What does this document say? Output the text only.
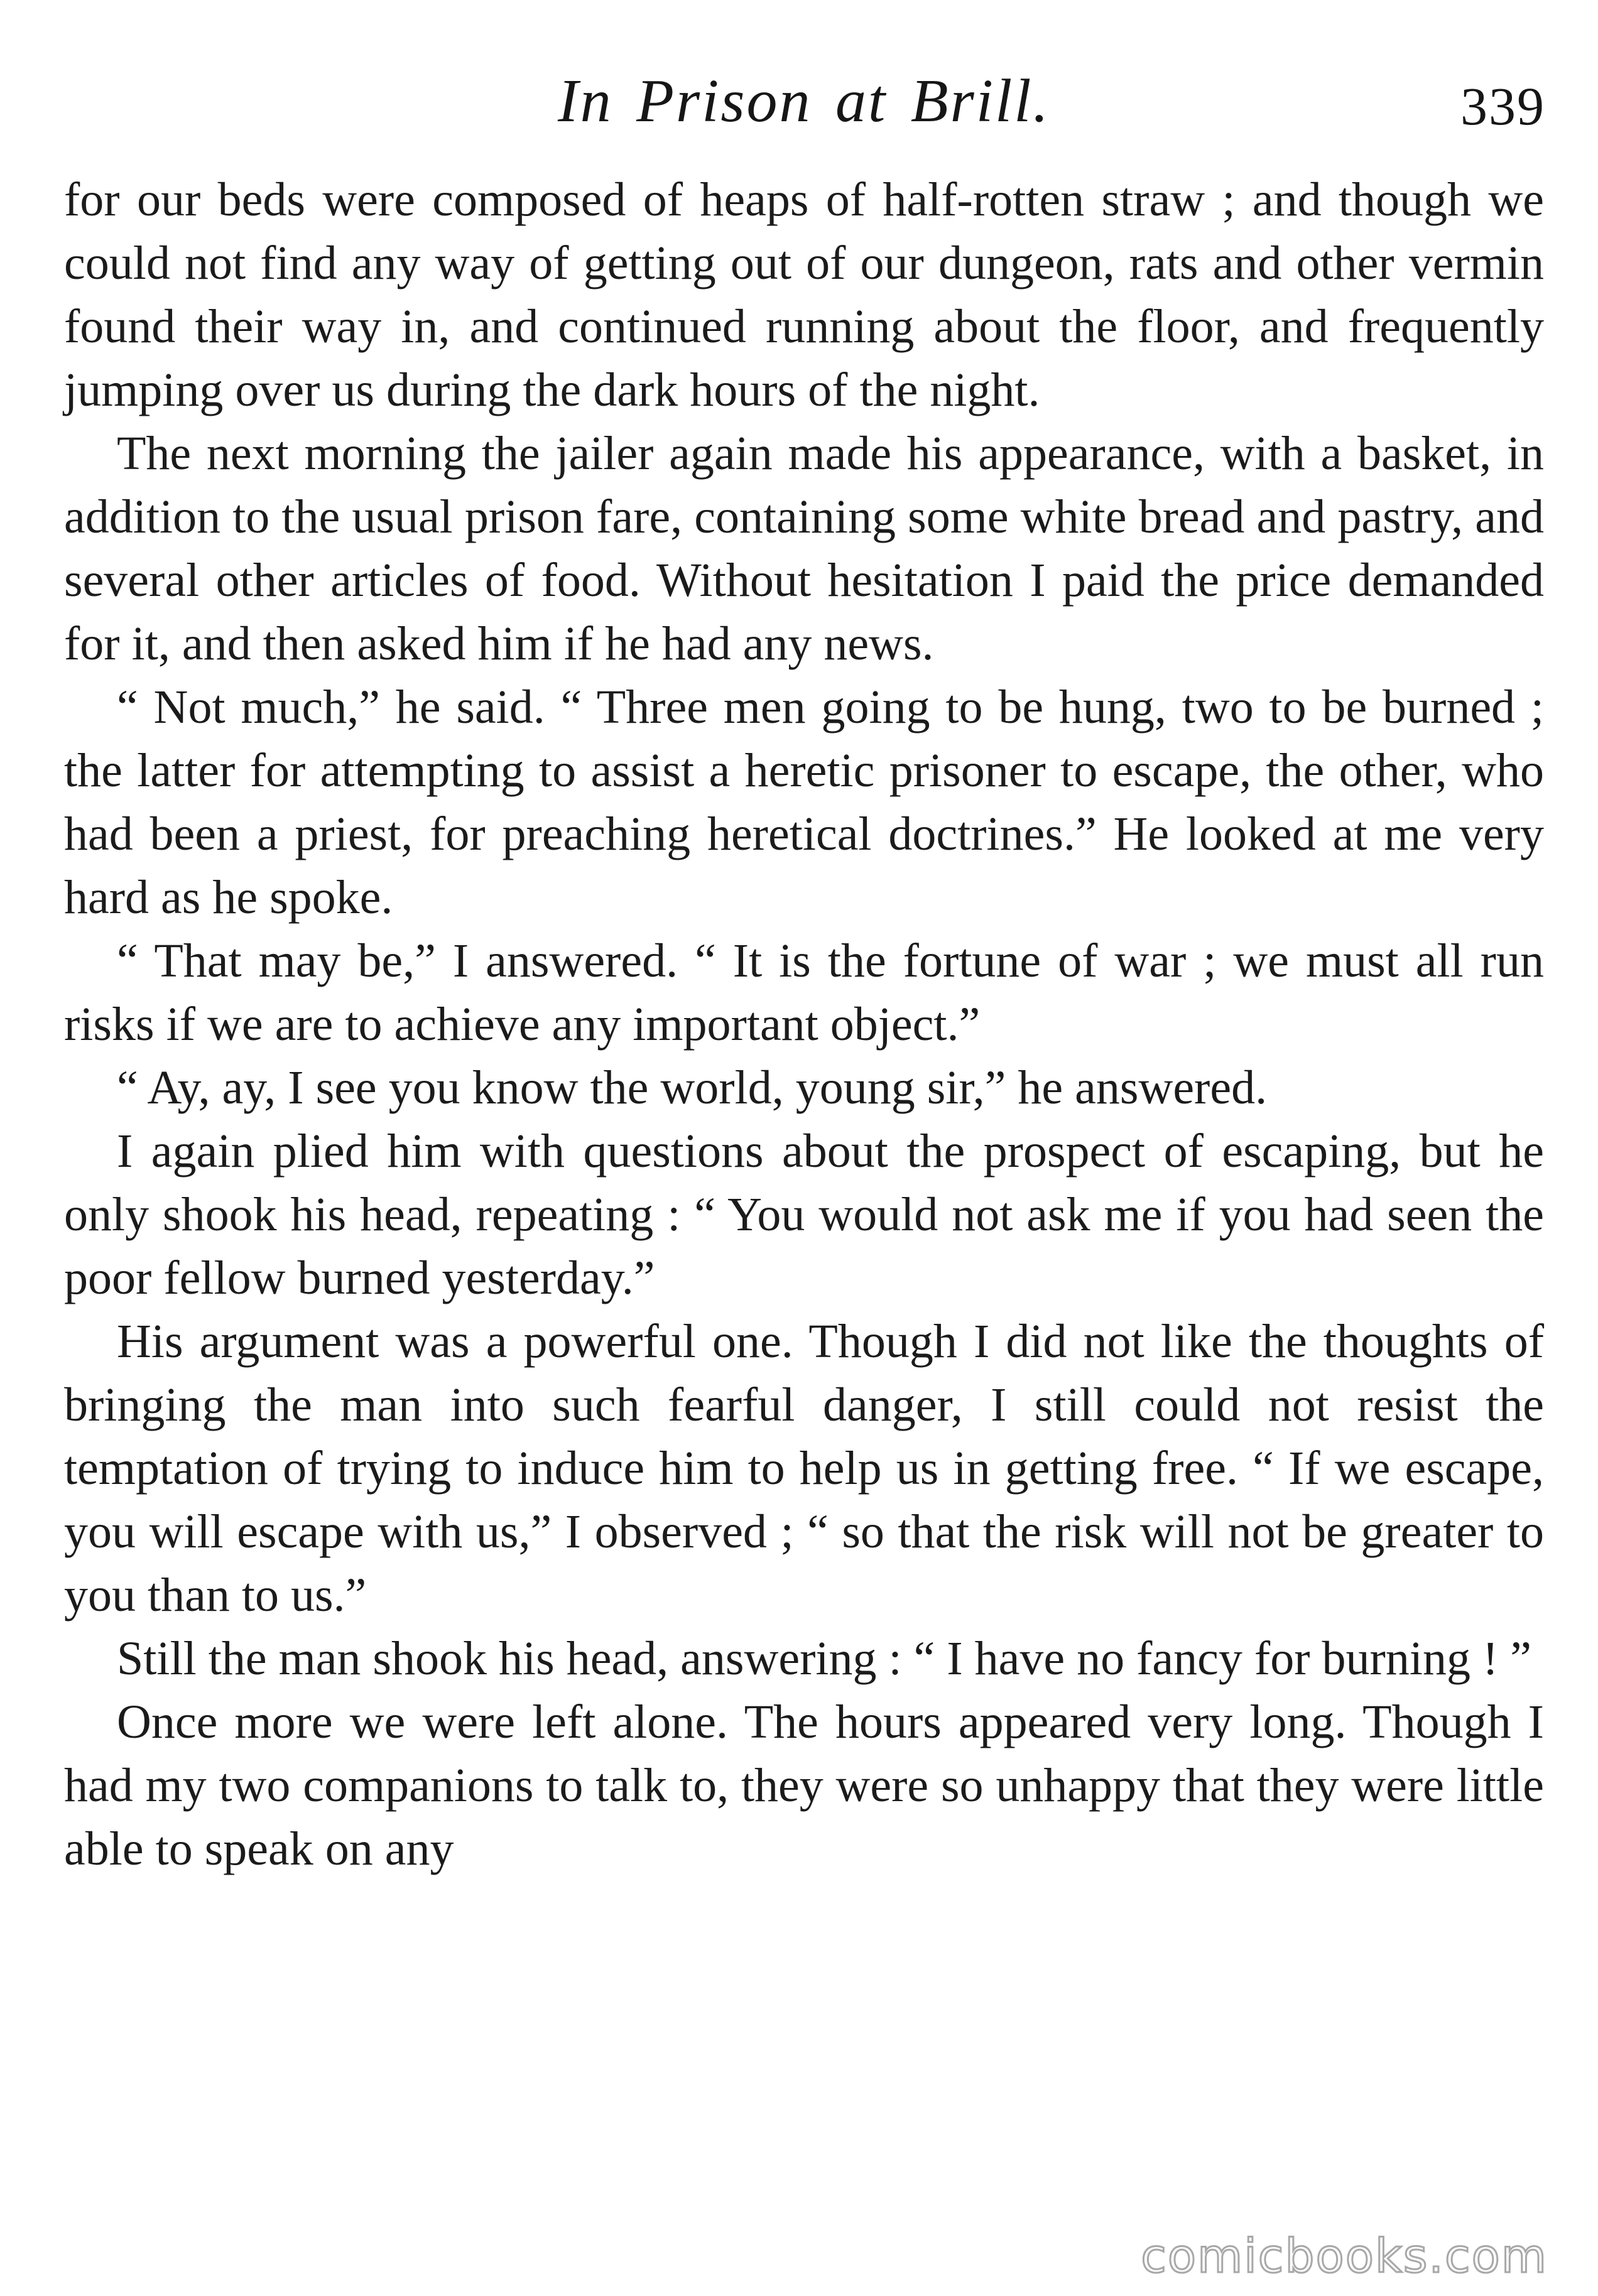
In Prison at Brill.	339

for our beds were composed of heaps of half-rotten straw ; and though we could not find any way of getting out of our dungeon, rats and other vermin found their way in, and continued running about the floor, and frequently jumping over us during the dark hours of the night.

The next morning the jailer again made his appearance, with a basket, in addition to the usual prison fare, containing some white bread and pastry, and several other articles of food. Without hesitation I paid the price demanded for it, and then asked him if he had any news.

“ Not much,” he said. “ Three men going to be hung, two to be burned ; the latter for attempting to assist a heretic prisoner to escape, the other, who had been a priest, for preaching heretical doctrines.” He looked at me very hard as he spoke.

“ That may be,” I answered. “ It is the fortune of war ; we must all run risks if we are to achieve any important object.”

“ Ay, ay, I see you know the world, young sir,” he answered.

I again plied him with questions about the prospect of escaping, but he only shook his head, repeating : “ You would not ask me if you had seen the poor fellow burned yesterday.”

His argument was a powerful one. Though I did not like the thoughts of bringing the man into such fearful danger, I still could not resist the temptation of trying to induce him to help us in getting free. “ If we escape, you will escape with us,” I observed ; “ so that the risk will not be greater to you than to us.”

Still the man shook his head, answering : “ I have no fancy for burning ! ”

Once more we were left alone. The hours appeared very long. Though I had my two companions to talk to, they were so unhappy that they were little able to speak on any

comicbooks.com
